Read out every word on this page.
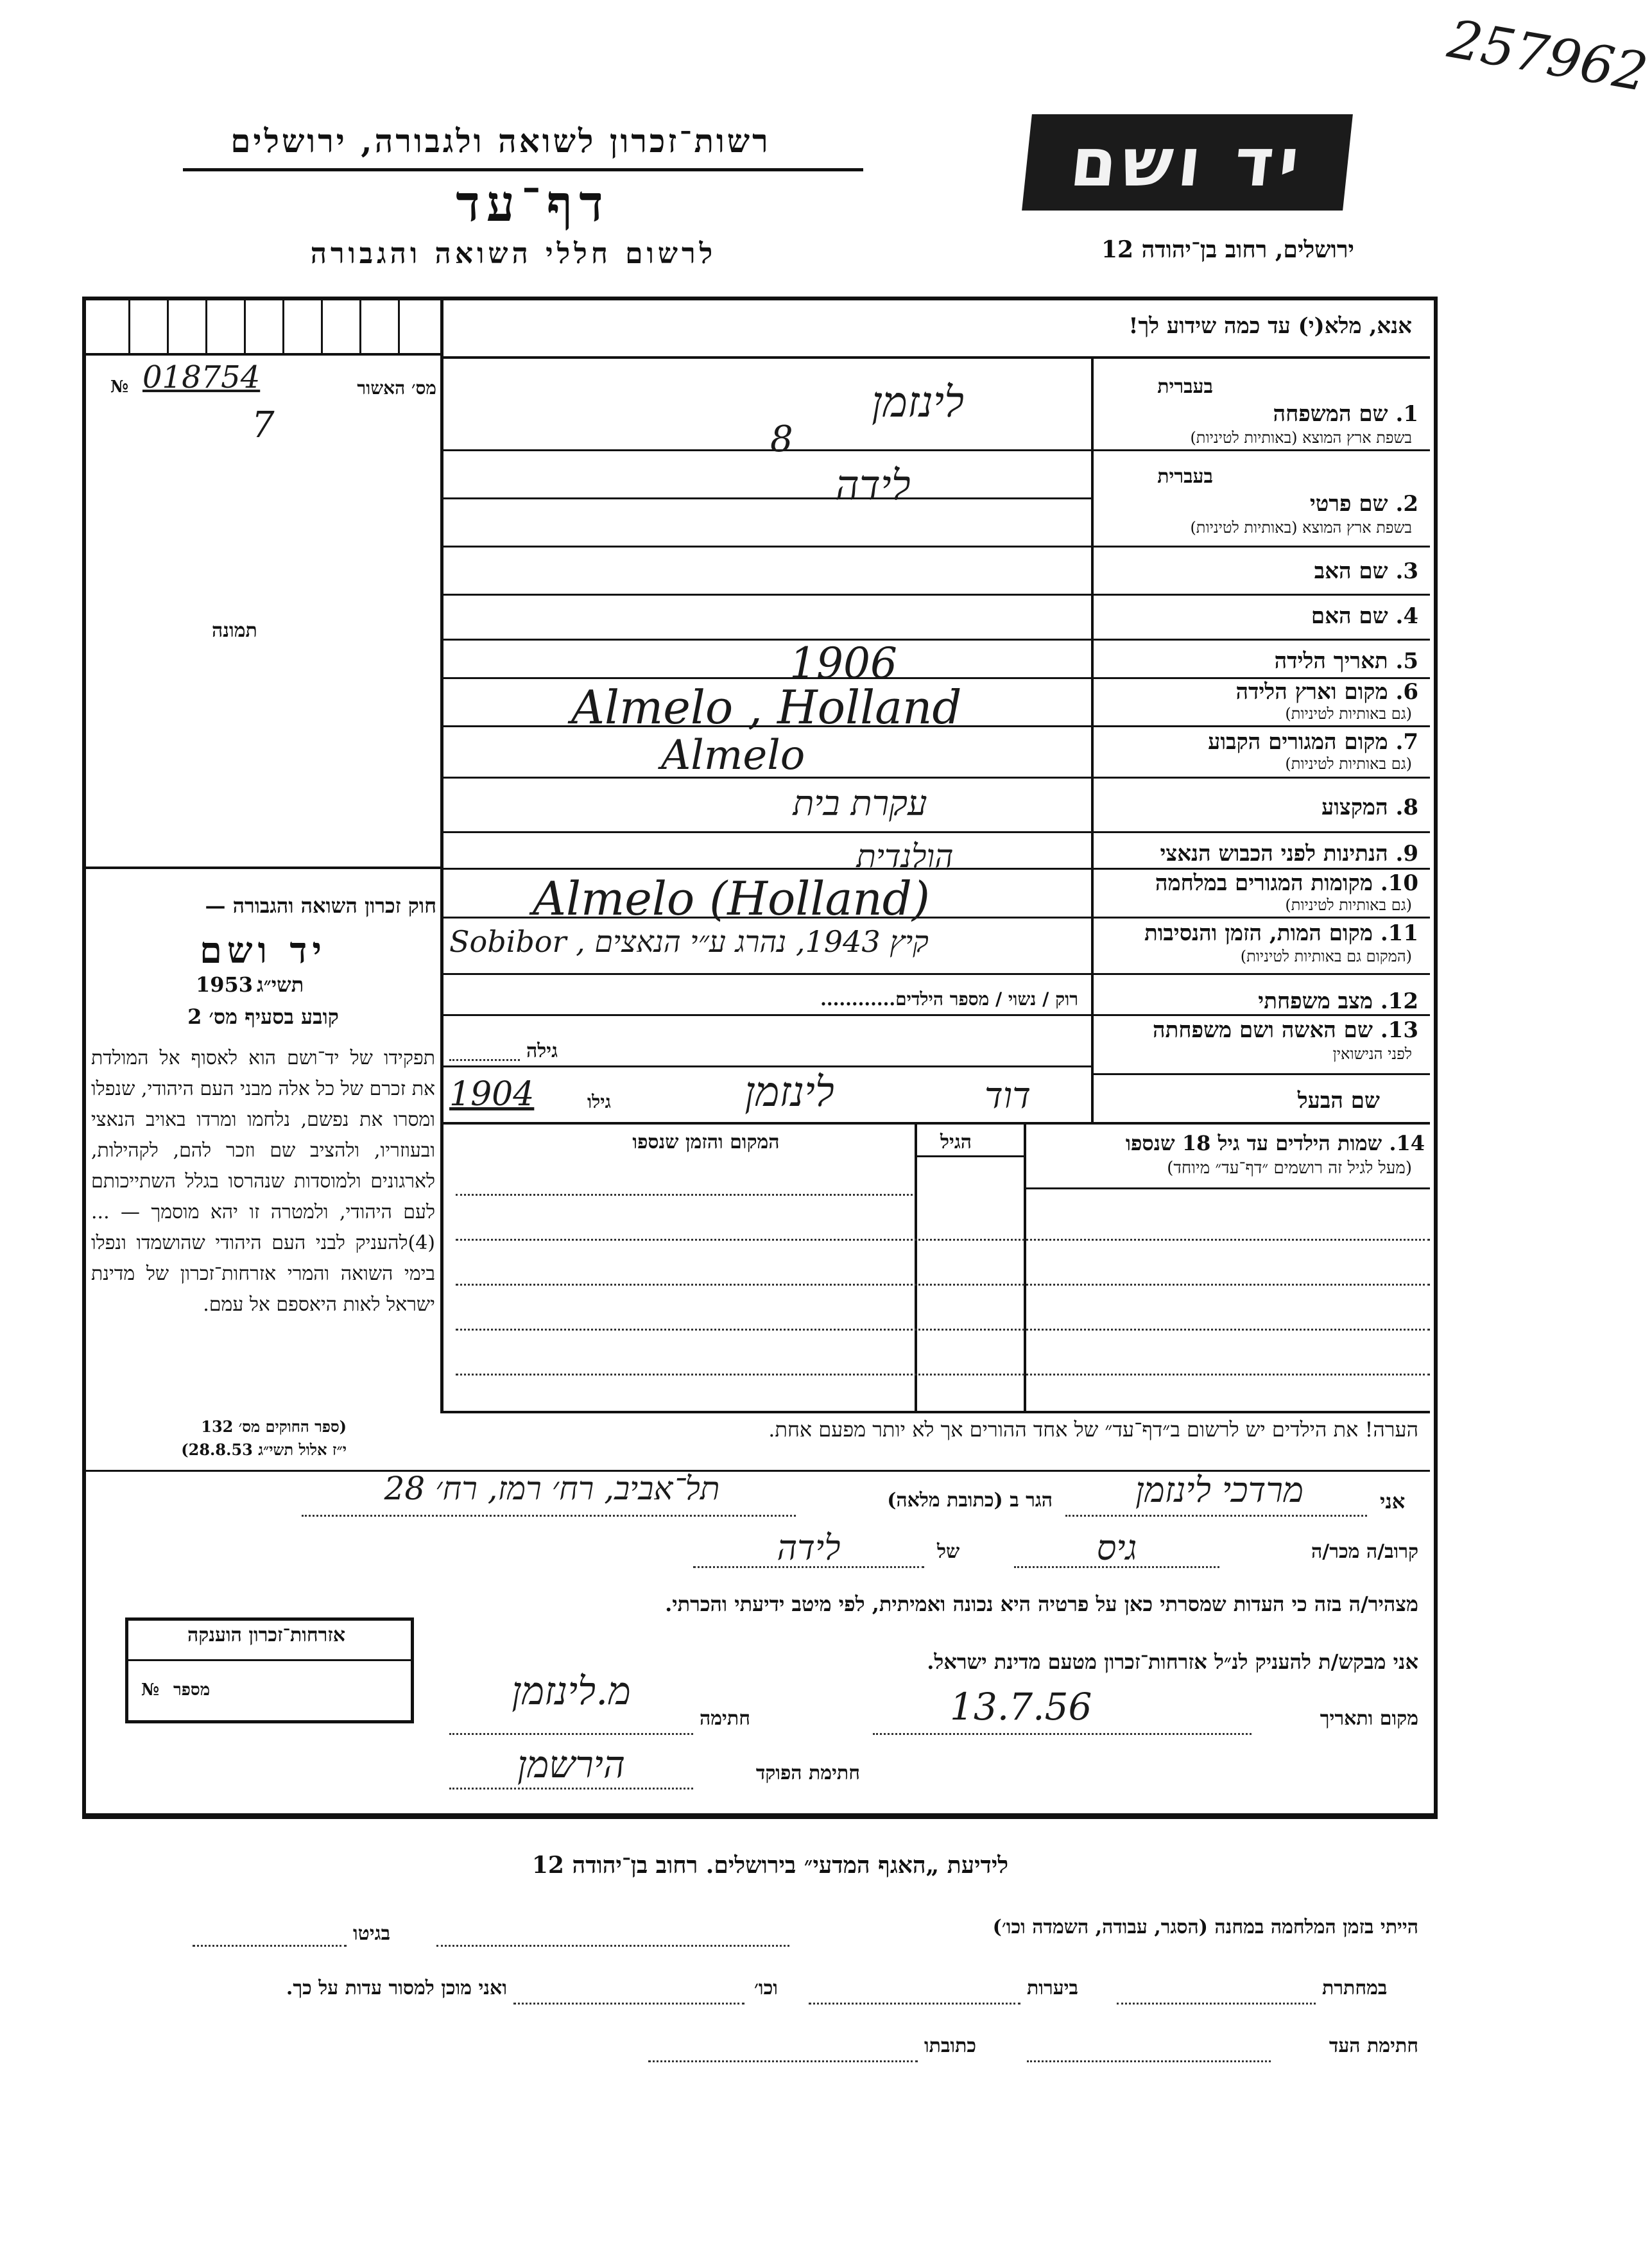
257962
רשות־זכרון לשואה ולגבורה, ירושלים
דף־עד
לרשום חללי השואה והגבורה
יד ושם
ירושלים, רחוב בן־יהודה 12
אנא, מלא(י) עד כמה שידוע לך!
№ 018754
7
מס׳ האשור
תמונה
חוק זכרון השואה והגבורה —
יד ושם
תשי״ג
1953
קובע בסעיף מס׳ 2
תפקידו של יד־ושם הוא לאסוף אל המולדת את זכרם של כל אלה מבני העם היהודי, שנפלו ומסרו את נפשם, נלחמו ומרדו באויב הנאצי ובעוזריו, ולהציב שם וזכר להם, לקהילות, לארגונים ולמוסדות שנהרסו בגלל השתייכותם לעם היהודי, ולמטרה זו יהא מוסמך — ...(4)להעניק לבני העם היהודי שהושמדו ונפלו בימי השואה והמרי אזרחות־זכרון של מדינת ישראל לאות היאספם אל עמם.
(ספר החוקים מס׳ 132
י״ז אלול תשי״ג 28.8.53)
בעברית
1. שם המשפחה
בשפת ארץ המוצא (באותיות לטיניות)
בעברית
2. שם פרטי
בשפת ארץ המוצא (באותיות לטיניות)
3. שם האב
4. שם האם
5. תאריך הלידה
6. מקום וארץ הלידה
(גם באותיות לטיניות)
7. מקום המגורים הקבוע
(גם באותיות לטיניות)
8. המקצוע
9. הנתינות לפני הכבוש הנאצי
10. מקומות המגורים במלחמה
(גם באותיות לטיניות)
11. מקום המות, הזמן והנסיבות
(המקום גם באותיות לטיניות)
12. מצב משפחתי
13. שם האשה ושם משפחתה
לפני הנישואין
שם הבעל
לינזמן
8
לידה
1906
Almelo , Holland
Almelo
עקרת בית
הולנדית
Almelo (Holland)
Sobibor , קיץ 1943, נהרג ע״י הנאצים
רוק / נשוי / מספר הילדים............
גילה
לינזמן	דוד
גילו
1904
14. שמות הילדים עד גיל 18 שנספו
(מעל לגיל זה רושמים ״דף־עד״ מיוחד)
הגיל
המקום והזמן שנספו
הערה! את הילדים יש לרשום ב״דף־עד״ של אחד ההורים אך לא יותר מפעם אחת.
אני
מרדכי לינזמן
הגר ב (כתובת מלאה)
תל־אביב, רח׳ רמז, רח׳ 28
קרוב/ה מכר/ה
גיס
של
לידה
מצהיר/ה בזה כי העדות שמסרתי כאן על פרטיה היא נכונה ואמיתית, לפי מיטב ידיעתי והכרתי.
אני מבקש/ת להעניק לנ״ל אזרחות־זכרון מטעם מדינת ישראל.
מקום ותאריך
13.7.56
חתימה
מ.לינזמן
חתימת הפוקד
הירשמן
אזרחות־זכרון הוענקה
מספר
№
לידיעת „האגף המדעי״ בירושלים. רחוב בן־יהודה 12
הייתי בזמן המלחמה במחנה (הסגר, עבודה, השמדה וכו׳)
בגיטו
במחתרת
ביערות
וכו׳
ואני מוכן למסור עדות על כך.
חתימת העד
כתובתו
